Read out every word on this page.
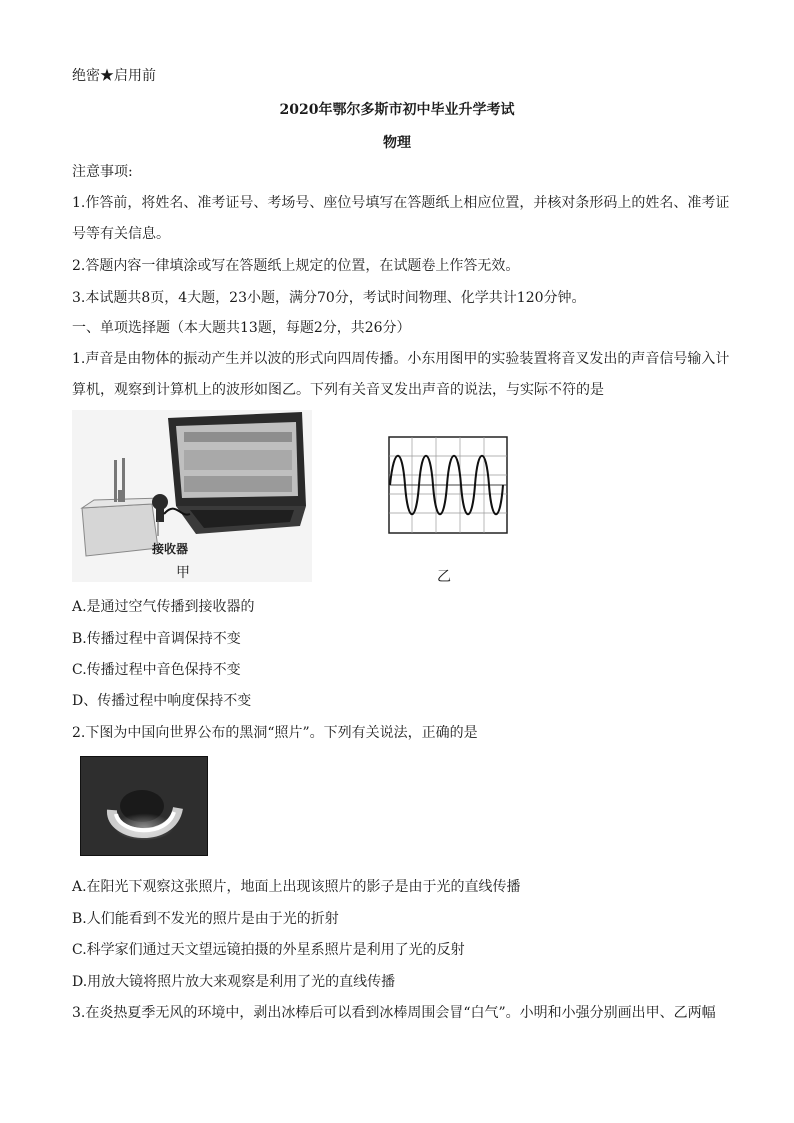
绝密★启用前
2020年鄂尔多斯市初中毕业升学考试
物理
注意事项:
1.作答前，将姓名、准考证号、考场号、座位号填写在答题纸上相应位置，并核对条形码上的姓名、准考证
号等有关信息。
2.答题内容一律填涂或写在答题纸上规定的位置，在试题卷上作答无效。
3.本试题共8页，4大题，23小题，满分70分，考试时间物理、化学共计120分钟。
一、单项选择题（本大题共13题，每题2分，共26分）
1.声音是由物体的振动产生并以波的形式向四周传播。小东用图甲的实验装置将音叉发出的声音信号输入计
算机，观察到计算机上的波形如图乙。下列有关音叉发出声音的说法，与实际不符的是
接收器
甲	乙
A.是通过空气传播到接收器的
B.传播过程中音调保持不变
C.传播过程中音色保持不变
D、传播过程中响度保持不变
2.下图为中国向世界公布的黑洞“照片”。下列有关说法，正确的是
A.在阳光下观察这张照片，地面上出现该照片的影子是由于光的直线传播
B.人们能看到不发光的照片是由于光的折射
C.科学家们通过天文望远镜拍摄的外星系照片是利用了光的反射
D.用放大镜将照片放大来观察是利用了光的直线传播
3.在炎热夏季无风的环境中，剥出冰棒后可以看到冰棒周围会冒“白气”。小明和小强分别画出甲、乙两幅
